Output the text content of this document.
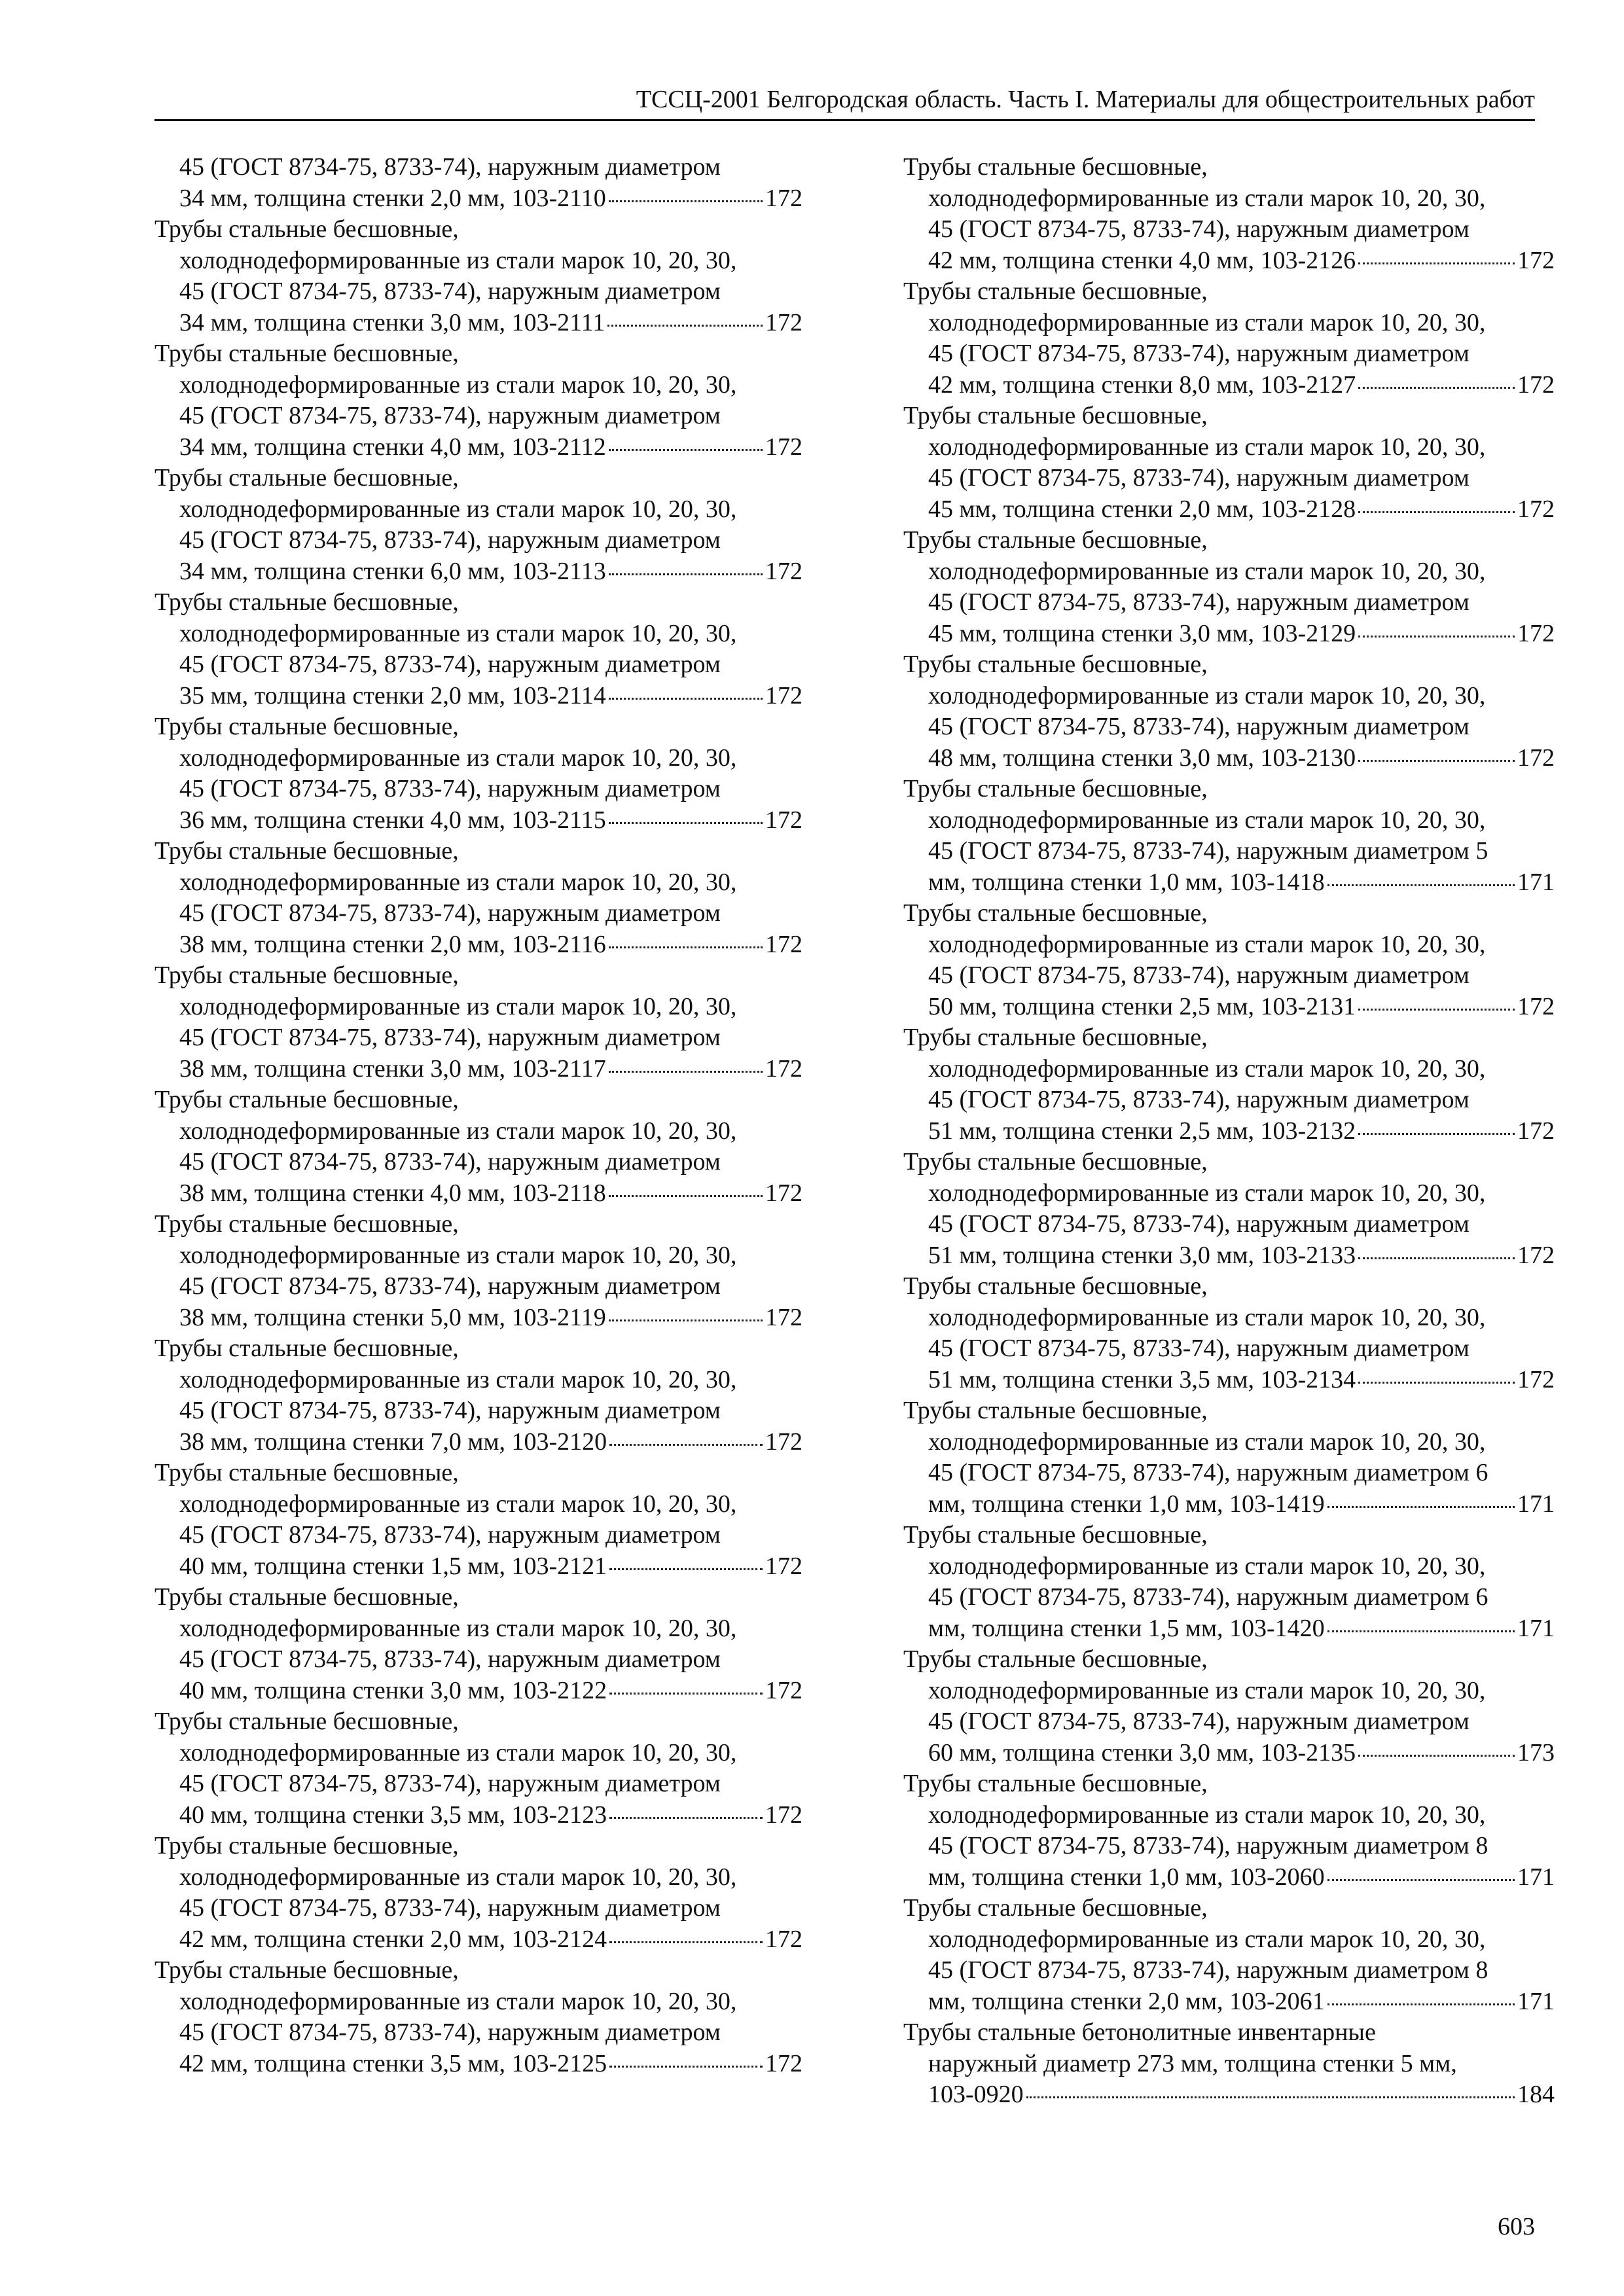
ТССЦ-2001 Белгородская область. Часть I. Материалы для общестроительных работ
45 (ГОСТ 8734-75, 8733-74), наружным диаметром
34 мм, толщина стенки 2,0 мм, 103-2110	172
Трубы стальные бесшовные,
холоднодеформированные из стали марок 10, 20, 30,
45 (ГОСТ 8734-75, 8733-74), наружным диаметром
34 мм, толщина стенки 3,0 мм, 103-2111	172
Трубы стальные бесшовные,
холоднодеформированные из стали марок 10, 20, 30,
45 (ГОСТ 8734-75, 8733-74), наружным диаметром
34 мм, толщина стенки 4,0 мм, 103-2112	172
Трубы стальные бесшовные,
холоднодеформированные из стали марок 10, 20, 30,
45 (ГОСТ 8734-75, 8733-74), наружным диаметром
34 мм, толщина стенки 6,0 мм, 103-2113	172
Трубы стальные бесшовные,
холоднодеформированные из стали марок 10, 20, 30,
45 (ГОСТ 8734-75, 8733-74), наружным диаметром
35 мм, толщина стенки 2,0 мм, 103-2114	172
Трубы стальные бесшовные,
холоднодеформированные из стали марок 10, 20, 30,
45 (ГОСТ 8734-75, 8733-74), наружным диаметром
36 мм, толщина стенки 4,0 мм, 103-2115	172
Трубы стальные бесшовные,
холоднодеформированные из стали марок 10, 20, 30,
45 (ГОСТ 8734-75, 8733-74), наружным диаметром
38 мм, толщина стенки 2,0 мм, 103-2116	172
Трубы стальные бесшовные,
холоднодеформированные из стали марок 10, 20, 30,
45 (ГОСТ 8734-75, 8733-74), наружным диаметром
38 мм, толщина стенки 3,0 мм, 103-2117	172
Трубы стальные бесшовные,
холоднодеформированные из стали марок 10, 20, 30,
45 (ГОСТ 8734-75, 8733-74), наружным диаметром
38 мм, толщина стенки 4,0 мм, 103-2118	172
Трубы стальные бесшовные,
холоднодеформированные из стали марок 10, 20, 30,
45 (ГОСТ 8734-75, 8733-74), наружным диаметром
38 мм, толщина стенки 5,0 мм, 103-2119	172
Трубы стальные бесшовные,
холоднодеформированные из стали марок 10, 20, 30,
45 (ГОСТ 8734-75, 8733-74), наружным диаметром
38 мм, толщина стенки 7,0 мм, 103-2120	172
Трубы стальные бесшовные,
холоднодеформированные из стали марок 10, 20, 30,
45 (ГОСТ 8734-75, 8733-74), наружным диаметром
40 мм, толщина стенки 1,5 мм, 103-2121	172
Трубы стальные бесшовные,
холоднодеформированные из стали марок 10, 20, 30,
45 (ГОСТ 8734-75, 8733-74), наружным диаметром
40 мм, толщина стенки 3,0 мм, 103-2122	172
Трубы стальные бесшовные,
холоднодеформированные из стали марок 10, 20, 30,
45 (ГОСТ 8734-75, 8733-74), наружным диаметром
40 мм, толщина стенки 3,5 мм, 103-2123	172
Трубы стальные бесшовные,
холоднодеформированные из стали марок 10, 20, 30,
45 (ГОСТ 8734-75, 8733-74), наружным диаметром
42 мм, толщина стенки 2,0 мм, 103-2124	172
Трубы стальные бесшовные,
холоднодеформированные из стали марок 10, 20, 30,
45 (ГОСТ 8734-75, 8733-74), наружным диаметром
42 мм, толщина стенки 3,5 мм, 103-2125	172
Трубы стальные бесшовные,
холоднодеформированные из стали марок 10, 20, 30,
45 (ГОСТ 8734-75, 8733-74), наружным диаметром
42 мм, толщина стенки 4,0 мм, 103-2126	172
Трубы стальные бесшовные,
холоднодеформированные из стали марок 10, 20, 30,
45 (ГОСТ 8734-75, 8733-74), наружным диаметром
42 мм, толщина стенки 8,0 мм, 103-2127	172
Трубы стальные бесшовные,
холоднодеформированные из стали марок 10, 20, 30,
45 (ГОСТ 8734-75, 8733-74), наружным диаметром
45 мм, толщина стенки 2,0 мм, 103-2128	172
Трубы стальные бесшовные,
холоднодеформированные из стали марок 10, 20, 30,
45 (ГОСТ 8734-75, 8733-74), наружным диаметром
45 мм, толщина стенки 3,0 мм, 103-2129	172
Трубы стальные бесшовные,
холоднодеформированные из стали марок 10, 20, 30,
45 (ГОСТ 8734-75, 8733-74), наружным диаметром
48 мм, толщина стенки 3,0 мм, 103-2130	172
Трубы стальные бесшовные,
холоднодеформированные из стали марок 10, 20, 30,
45 (ГОСТ 8734-75, 8733-74), наружным диаметром 5
мм, толщина стенки 1,0 мм, 103-1418	171
Трубы стальные бесшовные,
холоднодеформированные из стали марок 10, 20, 30,
45 (ГОСТ 8734-75, 8733-74), наружным диаметром
50 мм, толщина стенки 2,5 мм, 103-2131	172
Трубы стальные бесшовные,
холоднодеформированные из стали марок 10, 20, 30,
45 (ГОСТ 8734-75, 8733-74), наружным диаметром
51 мм, толщина стенки 2,5 мм, 103-2132	172
Трубы стальные бесшовные,
холоднодеформированные из стали марок 10, 20, 30,
45 (ГОСТ 8734-75, 8733-74), наружным диаметром
51 мм, толщина стенки 3,0 мм, 103-2133	172
Трубы стальные бесшовные,
холоднодеформированные из стали марок 10, 20, 30,
45 (ГОСТ 8734-75, 8733-74), наружным диаметром
51 мм, толщина стенки 3,5 мм, 103-2134	172
Трубы стальные бесшовные,
холоднодеформированные из стали марок 10, 20, 30,
45 (ГОСТ 8734-75, 8733-74), наружным диаметром 6
мм, толщина стенки 1,0 мм, 103-1419	171
Трубы стальные бесшовные,
холоднодеформированные из стали марок 10, 20, 30,
45 (ГОСТ 8734-75, 8733-74), наружным диаметром 6
мм, толщина стенки 1,5 мм, 103-1420	171
Трубы стальные бесшовные,
холоднодеформированные из стали марок 10, 20, 30,
45 (ГОСТ 8734-75, 8733-74), наружным диаметром
60 мм, толщина стенки 3,0 мм, 103-2135	173
Трубы стальные бесшовные,
холоднодеформированные из стали марок 10, 20, 30,
45 (ГОСТ 8734-75, 8733-74), наружным диаметром 8
мм, толщина стенки 1,0 мм, 103-2060	171
Трубы стальные бесшовные,
холоднодеформированные из стали марок 10, 20, 30,
45 (ГОСТ 8734-75, 8733-74), наружным диаметром 8
мм, толщина стенки 2,0 мм, 103-2061	171
Трубы стальные бетонолитные инвентарные
наружный диаметр 273 мм, толщина стенки 5 мм,
103-0920	184
603
